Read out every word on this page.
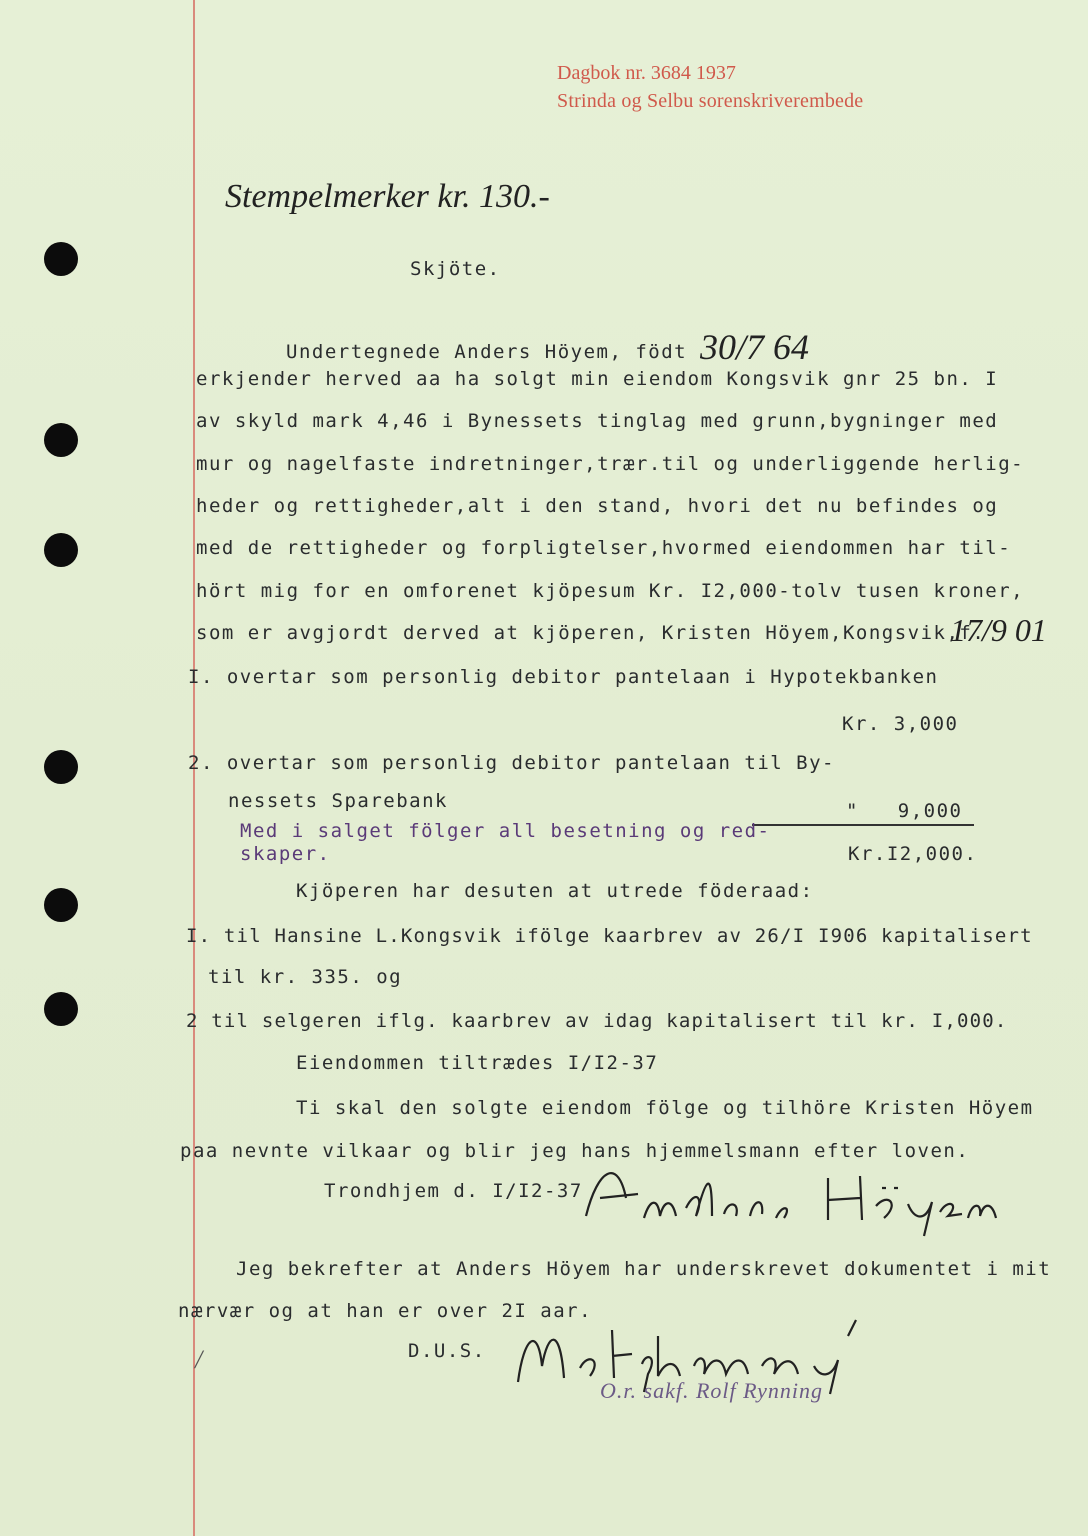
Dagbok nr. 3684 1937
Strinda og Selbu sorenskriverembede
Stempelmerker kr. 130.-
Skjöte.
Undertegnede Anders Höyem, födt 30/7 64
erkjender herved aa ha solgt min eiendom Kongsvik gnr 25 bn. I
av skyld mark 4,46 i Bynessets tinglag med grunn,bygninger med
mur og nagelfaste indretninger,trær.til og underliggende herlig-
heder og rettigheder,alt i den stand, hvori det nu befindes og
med de rettigheder og forpligtelser,hvormed eiendommen har til-
hört mig for en omforenet kjöpesum Kr. I2,000-tolv tusen kroner,
som er avgjordt derved at kjöperen, Kristen Höyem,Kongsvik,f.
17/9 01
I. overtar som personlig debitor pantelaan i Hypotekbanken
Kr. 3,000
2. overtar som personlig debitor pantelaan til By-
nessets Sparebank	"   9,000
Med i salget fölger all besetning og red-
skaper.	Kr.I2,000.
Kjöperen har desuten at utrede föderaad:
I. til Hansine L.Kongsvik ifölge kaarbrev av 26/I I906 kapitalisert
til kr. 335. og
2 til selgeren iflg. kaarbrev av idag kapitalisert til kr. I,000.
Eiendommen tiltrædes I/I2-37
Ti skal den solgte eiendom fölge og tilhöre Kristen Höyem
paa nevnte vilkaar og blir jeg hans hjemmelsmann efter loven.
Trondhjem d. I/I2-37
Jeg bekrefter at Anders Höyem har underskrevet dokumentet i mit
nærvær og at han er over 2I aar.
D.U.S.
/
O.r. sakf. Rolf Rynning
